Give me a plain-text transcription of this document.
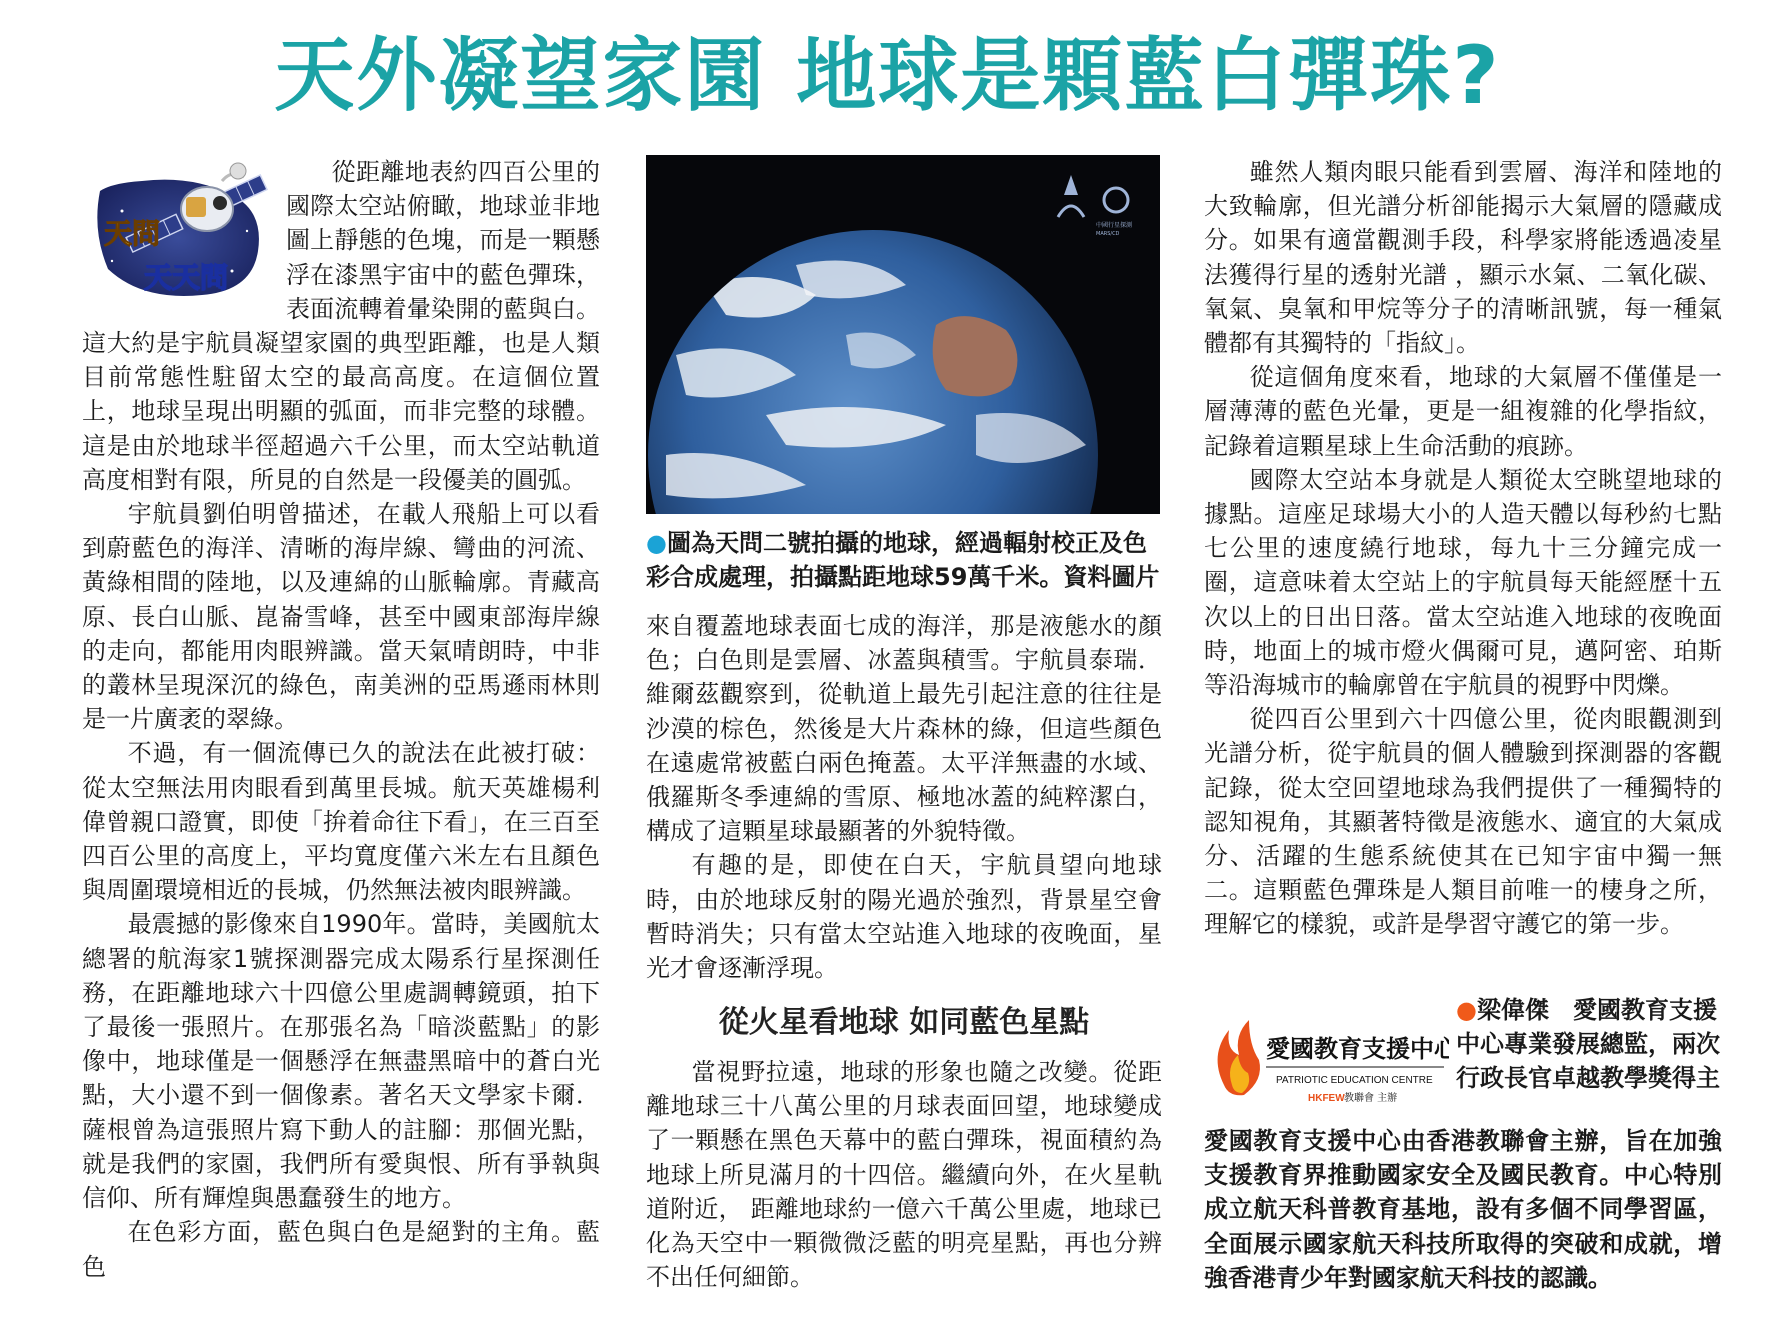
天外凝望家園 地球是顆藍白彈珠?
天問
天天問

從距離地表約四百公里的國際太空站俯瞰，地球並非地圖上靜態的色塊，而是一顆懸浮在漆黑宇宙中的藍色彈珠，表面流轉着暈染開的藍與白。這大約是宇航員凝望家園的典型距離，也是人類目前常態性駐留太空的最高高度。在這個位置上，地球呈現出明顯的弧面，而非完整的球體。這是由於地球半徑超過六千公里，而太空站軌道高度相對有限，所見的自然是一段優美的圓弧。

宇航員劉伯明曾描述，在載人飛船上可以看到蔚藍色的海洋、清晰的海岸線、彎曲的河流、黃綠相間的陸地，以及連綿的山脈輪廓。青藏高原、長白山脈、崑崙雪峰，甚至中國東部海岸線的走向，都能用肉眼辨識。當天氣晴朗時，中非的叢林呈現深沉的綠色，南美洲的亞馬遜雨林則是一片廣袤的翠綠。

不過，有一個流傳已久的說法在此被打破：從太空無法用肉眼看到萬里長城。航天英雄楊利偉曾親口證實，即使「拚着命往下看」，在三百至四百公里的高度上，平均寬度僅六米左右且顏色與周圍環境相近的長城，仍然無法被肉眼辨識。

最震撼的影像來自1990年。當時，美國航太總署的航海家1號探測器完成太陽系行星探測任務，在距離地球六十四億公里處調轉鏡頭，拍下了最後一張照片。在那張名為「暗淡藍點」的影像中，地球僅是一個懸浮在無盡黑暗中的蒼白光點，大小還不到一個像素。著名天文學家卡爾．薩根曾為這張照片寫下動人的註腳：那個光點，就是我們的家園，我們所有愛與恨、所有爭執與信仰、所有輝煌與愚蠢發生的地方。

在色彩方面，藍色與白色是絕對的主角。藍色

中國行星探測
MARS/CD
●圖為天問二號拍攝的地球，經過輻射校正及色彩合成處理，拍攝點距地球59萬千米。資料圖片

來自覆蓋地球表面七成的海洋，那是液態水的顏色；白色則是雲層、冰蓋與積雪。宇航員泰瑞．維爾茲觀察到，從軌道上最先引起注意的往往是沙漠的棕色，然後是大片森林的綠，但這些顏色在遠處常被藍白兩色掩蓋。太平洋無盡的水域、俄羅斯冬季連綿的雪原、極地冰蓋的純粹潔白，構成了這顆星球最顯著的外貌特徵。

有趣的是，即使在白天，宇航員望向地球時，由於地球反射的陽光過於強烈，背景星空會暫時消失；只有當太空站進入地球的夜晚面，星光才會逐漸浮現。

從火星看地球 如同藍色星點

當視野拉遠，地球的形象也隨之改變。從距離地球三十八萬公里的月球表面回望，地球變成了一顆懸在黑色天幕中的藍白彈珠，視面積約為地球上所見滿月的十四倍。繼續向外，在火星軌道附近， 距離地球約一億六千萬公里處，地球已化為天空中一顆微微泛藍的明亮星點，再也分辨不出任何細節。

雖然人類肉眼只能看到雲層、海洋和陸地的大致輪廓，但光譜分析卻能揭示大氣層的隱藏成分。如果有適當觀測手段，科學家將能透過凌星法獲得行星的透射光譜 ，顯示水氣、二氧化碳、氧氣、臭氧和甲烷等分子的清晰訊號，每一種氣體都有其獨特的「指紋」。

從這個角度來看，地球的大氣層不僅僅是一層薄薄的藍色光暈，更是一組複雜的化學指紋，記錄着這顆星球上生命活動的痕跡。

國際太空站本身就是人類從太空眺望地球的據點。這座足球場大小的人造天體以每秒約七點七公里的速度繞行地球，每九十三分鐘完成一圈，這意味着太空站上的宇航員每天能經歷十五次以上的日出日落。當太空站進入地球的夜晚面時，地面上的城市燈火偶爾可見，邁阿密、珀斯等沿海城市的輪廓曾在宇航員的視野中閃爍。

從四百公里到六十四億公里，從肉眼觀測到光譜分析，從宇航員的個人體驗到探測器的客觀記錄，從太空回望地球為我們提供了一種獨特的認知視角，其顯著特徵是液態水、適宜的大氣成分、活躍的生態系統使其在已知宇宙中獨一無二。這顆藍色彈珠是人類目前唯一的棲身之所，理解它的樣貌，或許是學習守護它的第一步。

愛國教育支援中心
PATRIOTIC EDUCATION CENTRE
HKFEW 教聯會 主辦
●梁偉傑　愛國教育支援中心專業發展總監，兩次行政長官卓越教學獎得主
愛國教育支援中心由香港教聯會主辦，旨在加強支援教育界推動國家安全及國民教育。中心特別成立航天科普教育基地，設有多個不同學習區，全面展示國家航天科技所取得的突破和成就，增強香港青少年對國家航天科技的認識。
